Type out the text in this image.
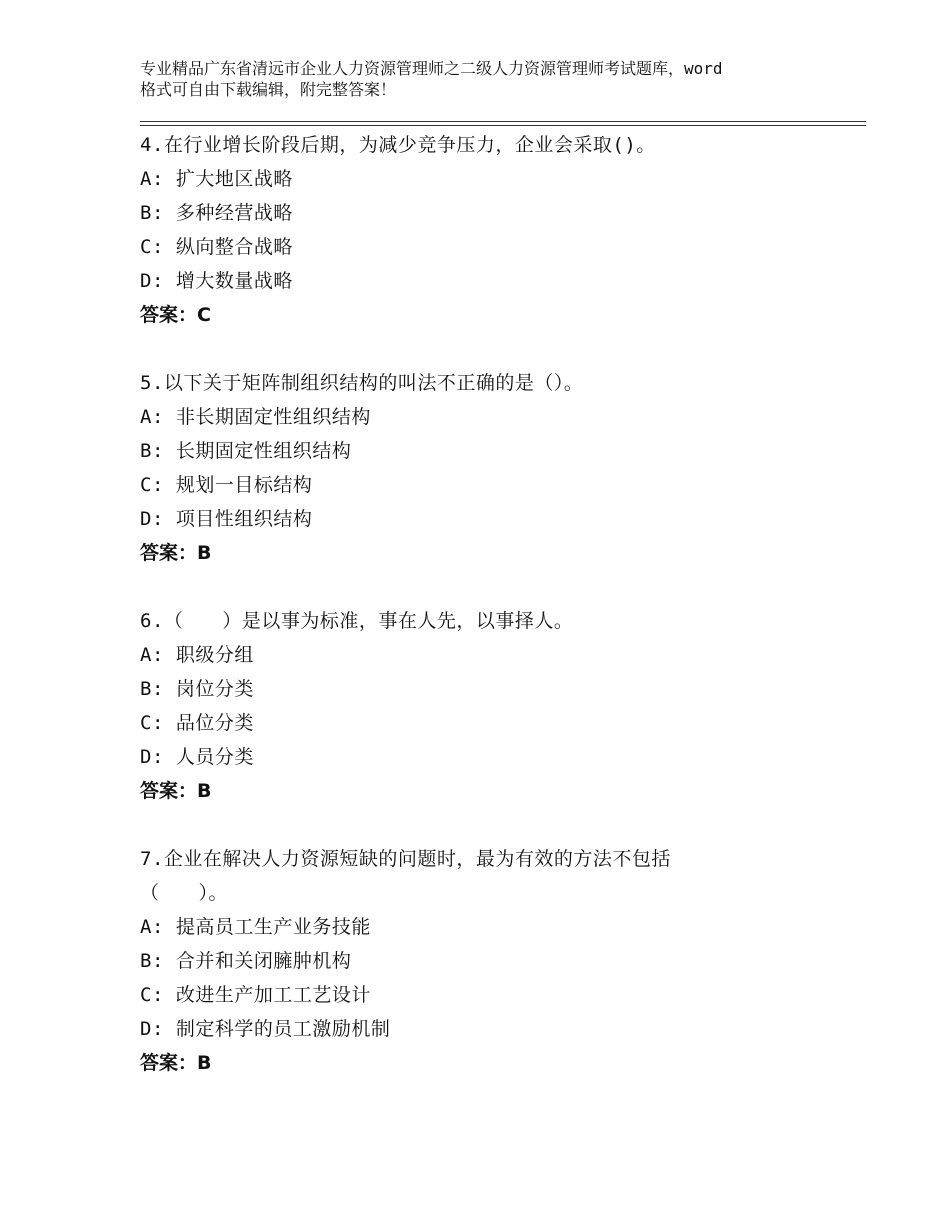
专业精品广东省清远市企业人力资源管理师之二级人力资源管理师考试题库，word
格式可自由下载编辑，附完整答案！
4.在行业增长阶段后期，为减少竞争压力，企业会采取()。
A: 扩大地区战略
B: 多种经营战略
C: 纵向整合战略
D: 增大数量战略
答案：C
5.以下关于矩阵制组织结构的叫法不正确的是（）。
A: 非长期固定性组织结构
B: 长期固定性组织结构
C: 规划一目标结构
D: 项目性组织结构
答案：B
6.（　　）是以事为标准，事在人先，以事择人。
A: 职级分组
B: 岗位分类
C: 品位分类
D: 人员分类
答案：B
7.企业在解决人力资源短缺的问题时，最为有效的方法不包括（　　）。
A: 提高员工生产业务技能
B: 合并和关闭臃肿机构
C: 改进生产加工工艺设计
D: 制定科学的员工激励机制
答案：B
